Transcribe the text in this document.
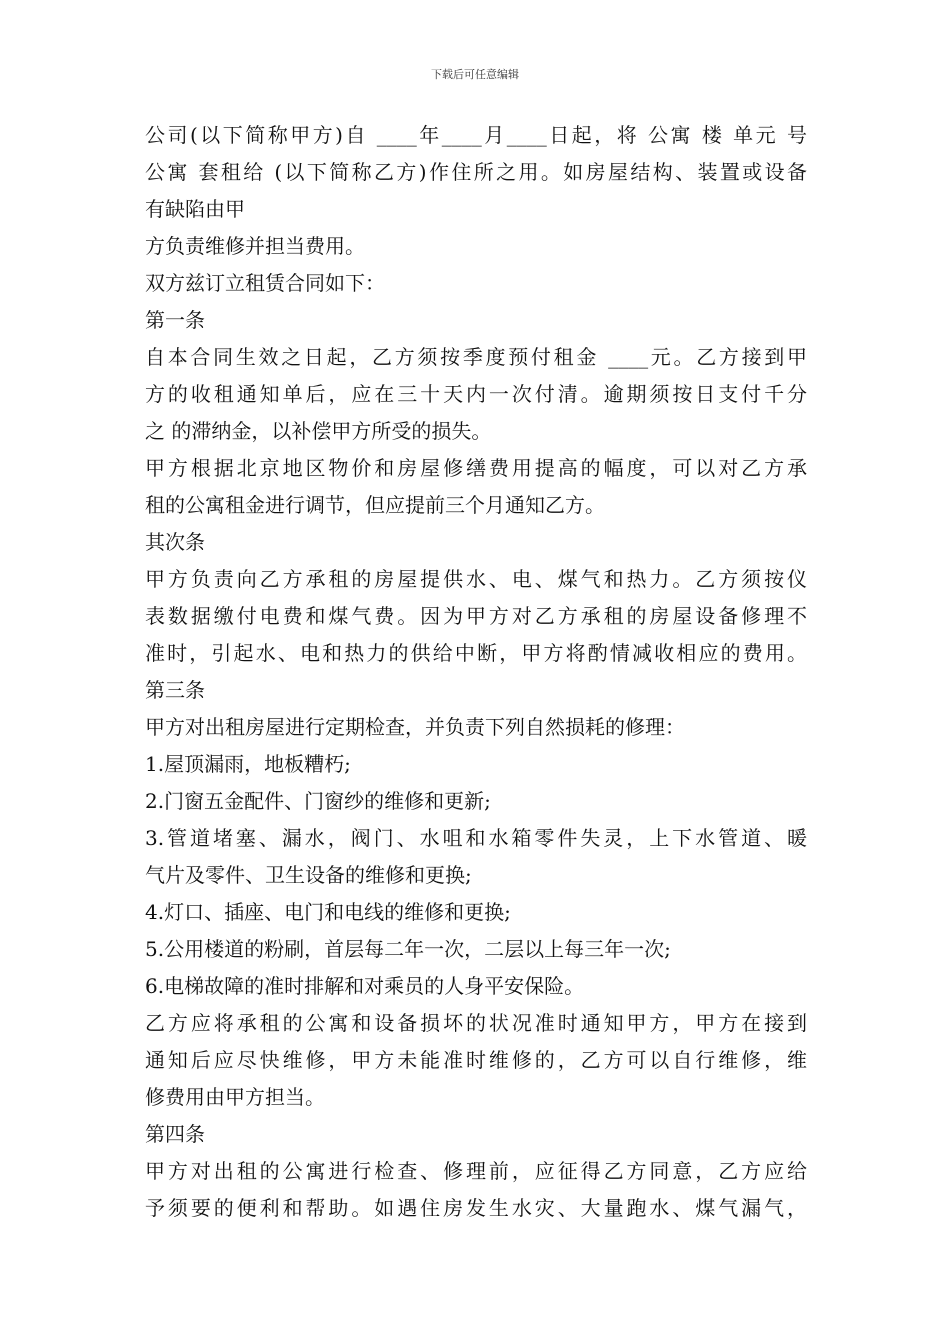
下载后可任意编辑
公司(以下简称甲方)自 ____年____月____日起，将 公寓 楼 单元 号
公寓 套租给 (以下简称乙方)作住所之用。如房屋结构、装置或设备
有缺陷由甲
方负责维修并担当费用。
双方兹订立租赁合同如下：
第一条
自本合同生效之日起，乙方须按季度预付租金 ____元。乙方接到甲
方的收租通知单后，应在三十天内一次付清。逾期须按日支付千分
之 的滞纳金，以补偿甲方所受的损失。
甲方根据北京地区物价和房屋修缮费用提高的幅度，可以对乙方承
租的公寓租金进行调节，但应提前三个月通知乙方。
其次条
甲方负责向乙方承租的房屋提供水、电、煤气和热力。乙方须按仪
表数据缴付电费和煤气费。因为甲方对乙方承租的房屋设备修理不
准时，引起水、电和热力的供给中断，甲方将酌情减收相应的费用。
第三条
甲方对出租房屋进行定期检查，并负责下列自然损耗的修理：
1.屋顶漏雨，地板糟朽;
2.门窗五金配件、门窗纱的维修和更新;
3.管道堵塞、漏水，阀门、水咀和水箱零件失灵，上下水管道、暖
气片及零件、卫生设备的维修和更换;
4.灯口、插座、电门和电线的维修和更换;
5.公用楼道的粉刷，首层每二年一次，二层以上每三年一次;
6.电梯故障的准时排解和对乘员的人身平安保险。
乙方应将承租的公寓和设备损坏的状况准时通知甲方，甲方在接到
通知后应尽快维修，甲方未能准时维修的，乙方可以自行维修，维
修费用由甲方担当。
第四条
甲方对出租的公寓进行检查、修理前，应征得乙方同意，乙方应给
予须要的便利和帮助。如遇住房发生水灾、大量跑水、煤气漏气，
